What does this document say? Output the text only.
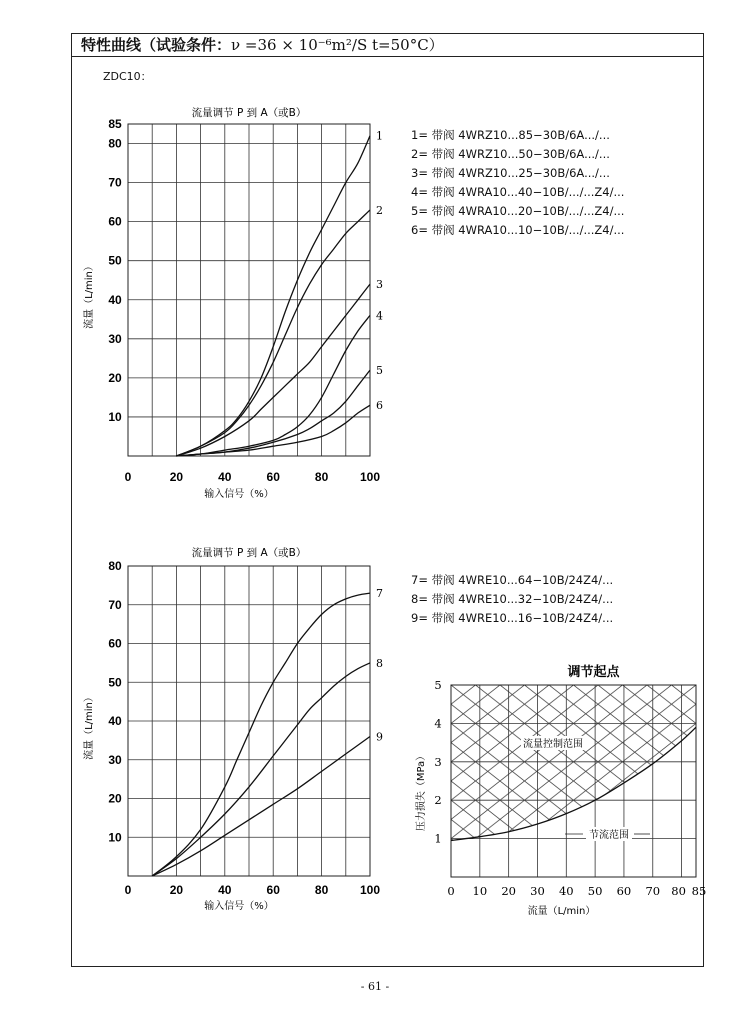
特性曲线（试验条件：ν =36 × 10⁻⁶m²/S t=50°C）
ZDC10：
0	20	40	60	80	100
10
20
30
40
50
60
70
80
85
流量调节 P 到 A（或B）
输入信号（%）
流量（L/min）
1
2
3
4
5
6
0	20	40	60	80	100
10
20
30
40
50
60
70
80
流量调节 P 到 A（或B）
输入信号（%）
流量（L/min）
7
8
9
0 10 20 30 40 50 60 70 80 85
1
2
3
4
5
调节起点
流量（L/min）
压力损失（MPa）
流量控制范围
节流范围
1= 带阀 4WRZ10...85−30B/6A.../...
2= 带阀 4WRZ10...50−30B/6A.../...
3= 带阀 4WRZ10...25−30B/6A.../...
4= 带阀 4WRA10...40−10B/.../...Z4/...
5= 带阀 4WRA10...20−10B/.../...Z4/...
6= 带阀 4WRA10...10−10B/.../...Z4/...
7= 带阀 4WRE10...64−10B/24Z4/...
8= 带阀 4WRE10...32−10B/24Z4/...
9= 带阀 4WRE10...16−10B/24Z4/...
- 61 -
